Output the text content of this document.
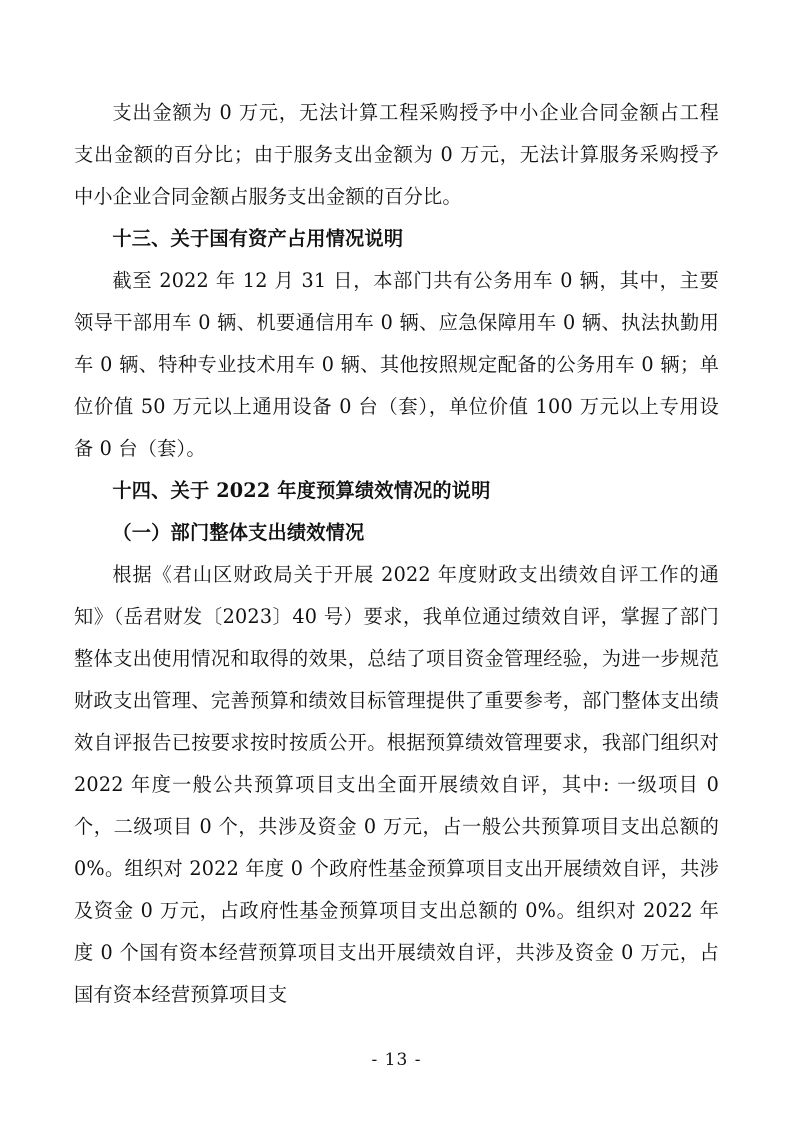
支出金额为 0 万元，无法计算工程采购授予中小企业合同金额占工程支出金额的百分比；由于服务支出金额为 0 万元，无法计算服务采购授予中小企业合同金额占服务支出金额的百分比。

十三、关于国有资产占用情况说明

截至 2022 年 12 月 31 日，本部门共有公务用车 0 辆，其中，主要领导干部用车 0 辆、机要通信用车 0 辆、应急保障用车 0 辆、执法执勤用车 0 辆、特种专业技术用车 0 辆、其他按照规定配备的公务用车 0 辆；单位价值 50 万元以上通用设备 0 台（套），单位价值 100 万元以上专用设备 0 台（套）。

十四、关于 2022 年度预算绩效情况的说明

（一）部门整体支出绩效情况

根据《君山区财政局关于开展 2022 年度财政支出绩效自评工作的通知》（岳君财发〔2023〕40 号）要求，我单位通过绩效自评，掌握了部门整体支出使用情况和取得的效果，总结了项目资金管理经验，为进一步规范财政支出管理、完善预算和绩效目标管理提供了重要参考，部门整体支出绩效自评报告已按要求按时按质公开。根据预算绩效管理要求，我部门组织对 2022 年度一般公共预算项目支出全面开展绩效自评，其中: 一级项目 0 个，二级项目 0 个，共涉及资金 0 万元，占一般公共预算项目支出总额的 0%。组织对 2022 年度 0 个政府性基金预算项目支出开展绩效自评，共涉及资金 0 万元，占政府性基金预算项目支出总额的 0%。组织对 2022 年度 0 个国有资本经营预算项目支出开展绩效自评，共涉及资金 0 万元，占国有资本经营预算项目支

- 13 -
